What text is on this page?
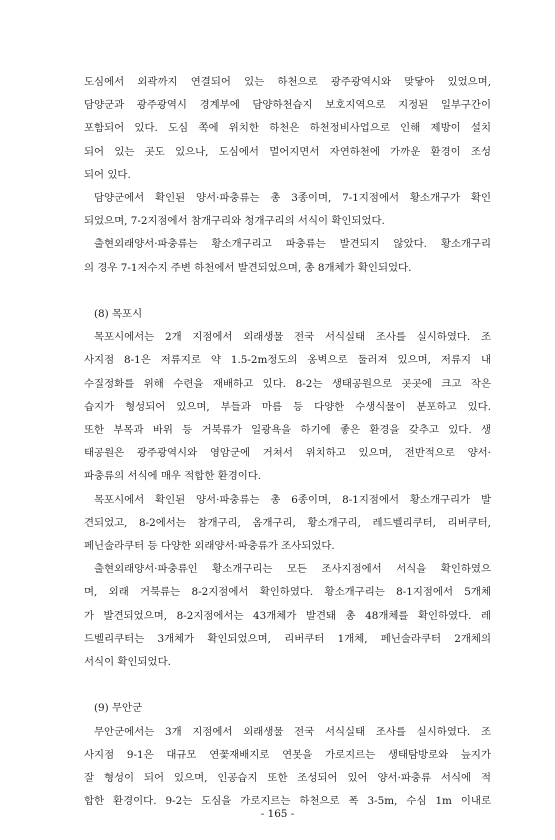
도심에서 외곽까지 연결되어 있는 하천으로 광주광역시와 맞닿아 있었으며,
담양군과 광주광역시 경계부에 담양하천습지 보호지역으로 지정된 일부구간이
포함되어 있다. 도심 쪽에 위치한 하천은 하천정비사업으로 인해 제방이 설치
되어 있는 곳도 있으나, 도심에서 멀어지면서 자연하천에 가까운 환경이 조성
되어 있다.
담양군에서 확인된 양서·파충류는 총 3종이며, 7-1지점에서 황소개구가 확인
되었으며, 7-2지점에서 참개구리와 청개구리의 서식이 확인되었다.
출현외래양서·파충류는 황소개구리고 파충류는 발견되지 않았다. 황소개구리
의 경우 7-1저수지 주변 하천에서 발견되었으며, 총 8개체가 확인되었다.
(8) 목포시
목포시에서는 2개 지점에서 외래생물 전국 서식실태 조사를 실시하였다. 조
사지점 8-1은 저류지로 약 1.5-2m정도의 옹벽으로 둘러져 있으며, 저류지 내
수질정화를 위해 수련을 재배하고 있다. 8-2는 생태공원으로 곳곳에 크고 작은
습지가 형성되어 있으며, 부들과 마름 등 다양한 수생식물이 분포하고 있다.
또한 부목과 바위 등 거북류가 일광욕을 하기에 좋은 환경을 갖추고 있다. 생
태공원은 광주광역시와 영암군에 거쳐서 위치하고 있으며, 전반적으로 양서·
파충류의 서식에 매우 적합한 환경이다.
목포시에서 확인된 양서·파충류는 총 6종이며, 8-1지점에서 황소개구리가 발
견되었고, 8-2에서는 참개구리, 옴개구리, 황소개구리, 레드벨리쿠터, 리버쿠터,
페닌술라쿠터 등 다양한 외래양서·파충류가 조사되었다.
출현외래양서·파충류인 황소개구리는 모든 조사지점에서 서식을 확인하였으
며, 외래 거북류는 8-2지점에서 확인하였다. 황소개구리는 8-1지점에서 5개체
가 발견되었으며, 8-2지점에서는 43개체가 발견돼 총 48개체를 확인하였다. 레
드벨리쿠터는 3개체가 확인되었으며, 리버쿠터 1개체, 페닌술라쿠터 2개체의
서식이 확인되었다.
(9) 무안군
무안군에서는 3개 지점에서 외래생물 전국 서식실태 조사를 실시하였다. 조
사지점 9-1은 대규모 연꽃재배지로 연못을 가로지르는 생태탐방로와 늪지가
잘 형성이 되어 있으며, 인공습지 또한 조성되어 있어 양서·파충류 서식에 적
합한 환경이다. 9-2는 도심을 가로지르는 하천으로 폭 3-5m, 수심 1m 이내로
- 165 -
